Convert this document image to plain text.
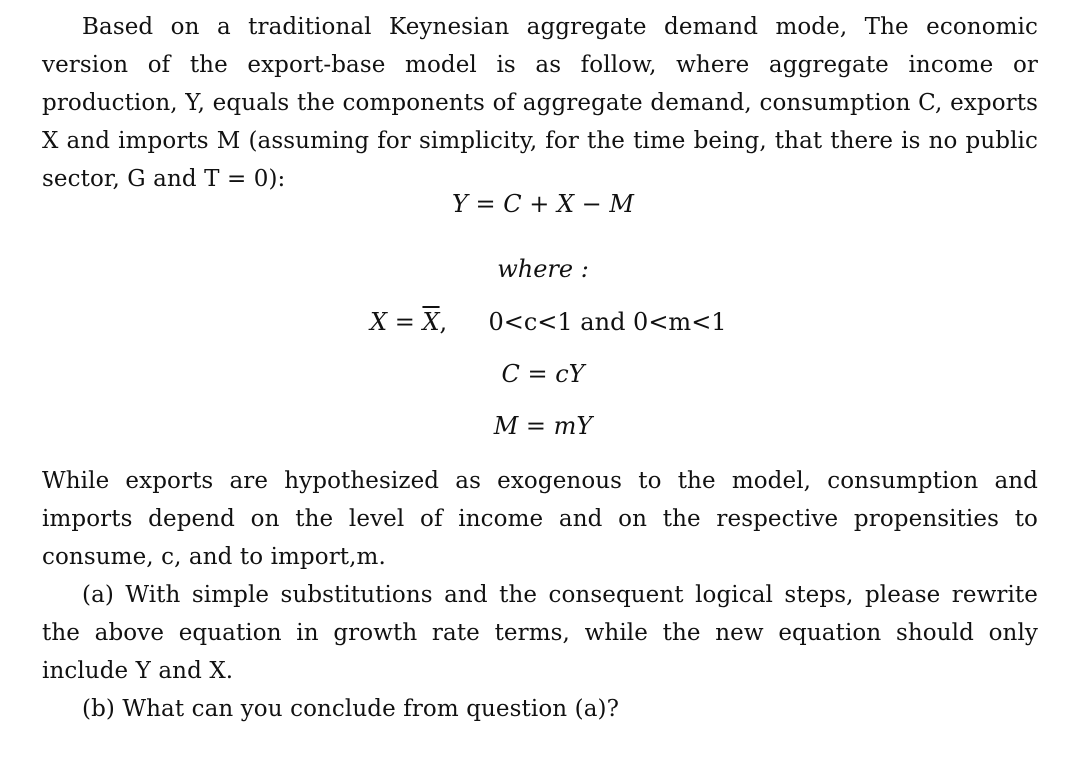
Based on a traditional Keynesian aggregate demand mode, The economic version of the export-base model is as follow, where aggregate income or production, Y, equals the components of aggregate demand, consumption C, exports X and imports M (assuming for simplicity, for the time being, that there is no public sector, G and T = 0):

Y = C + X − M
where :
$X = \overline{X}$, 0<c<1 and 0<m<1
C = cY
M = mY

While exports are hypothesized as exogenous to the model, consumption and imports depend on the level of income and on the respective propensities to consume, c, and to import,m.

(a) With simple substitutions and the consequent logical steps, please rewrite the above equation in growth rate terms, while the new equation should only include Y and X.

(b) What can you conclude from question (a)?
